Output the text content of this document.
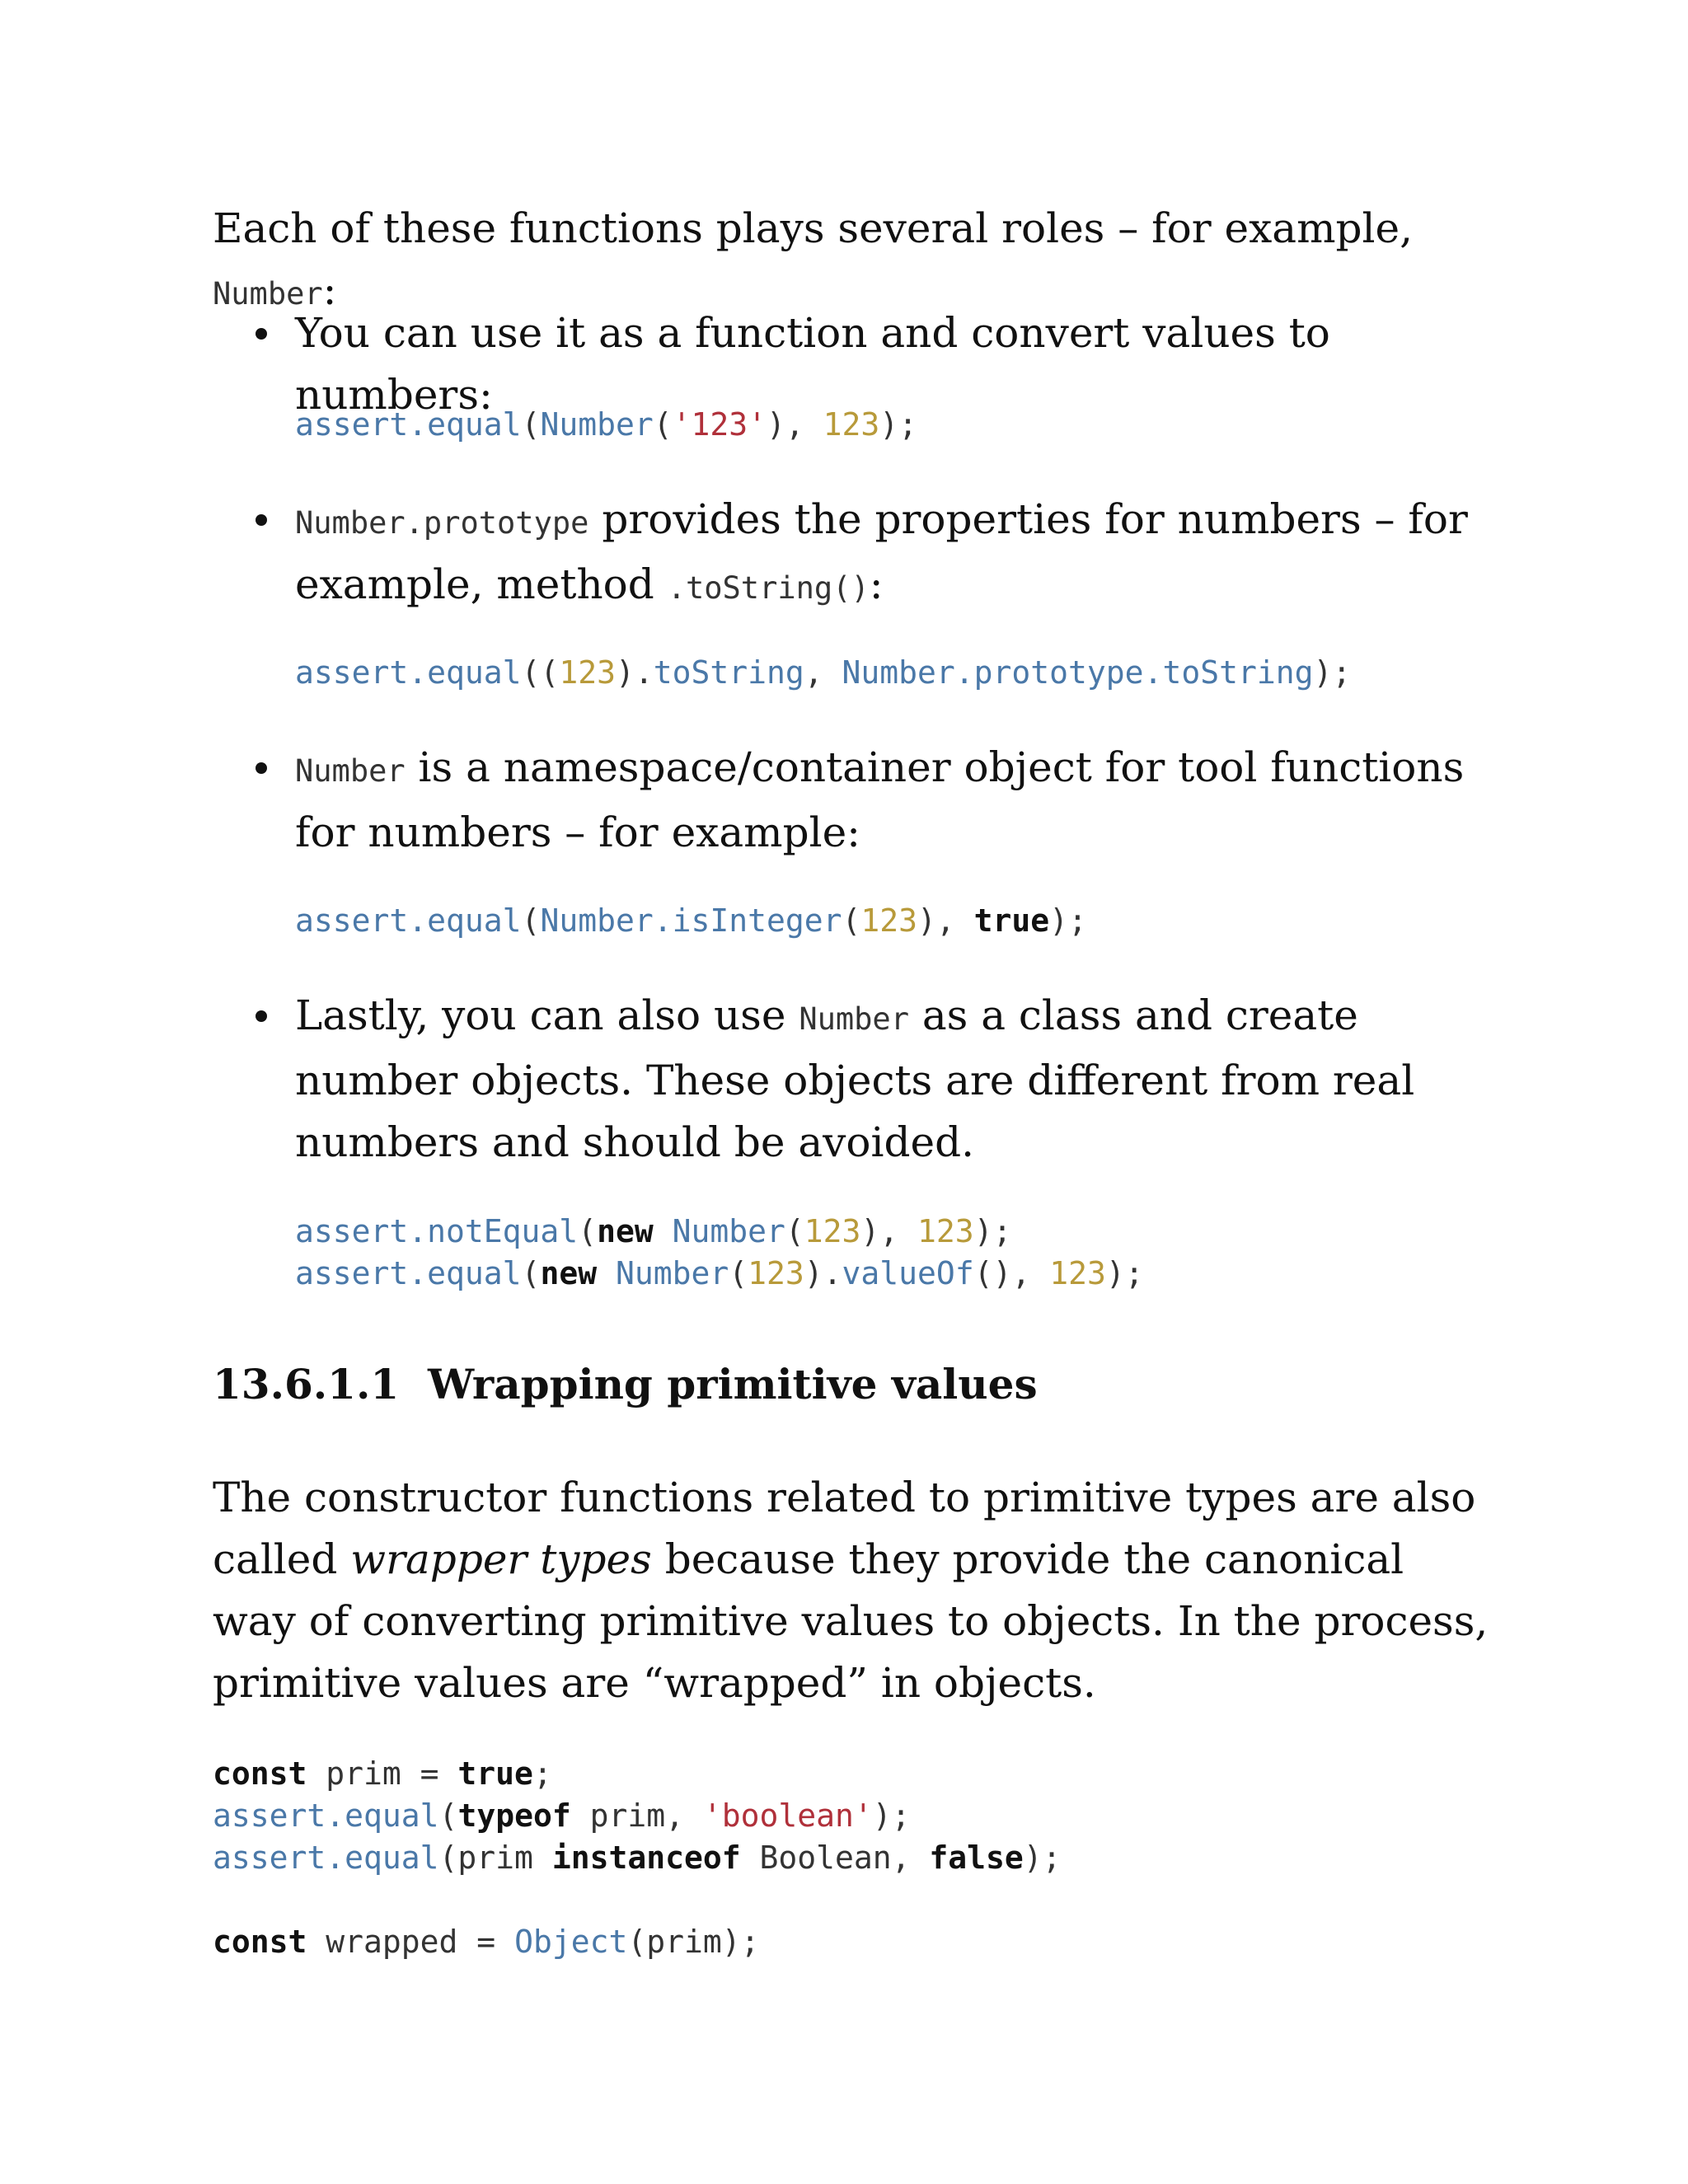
Each of these functions plays several roles – for example, Number:

You can use it as a function and convert values to numbers:

assert.equal(Number('123'), 123);

Number.prototype provides the properties for numbers – for example, method .toString():

assert.equal((123).toString, Number.prototype.toString);

Number is a namespace/container object for tool functions for numbers – for example:

assert.equal(Number.isInteger(123), true);

Lastly, you can also use Number as a class and create number objects. These objects are different from real numbers and should be avoided.

assert.notEqual(new Number(123), 123);
assert.equal(new Number(123).valueOf(), 123);
13.6.1.1 Wrapping primitive values

The constructor functions related to primitive types are also called wrapper types because they provide the canonical way of converting primitive values to objects. In the process, primitive values are “wrapped” in objects.

const prim = true;
assert.equal(typeof prim, 'boolean');
assert.equal(prim instanceof Boolean, false);

const wrapped = Object(prim);
